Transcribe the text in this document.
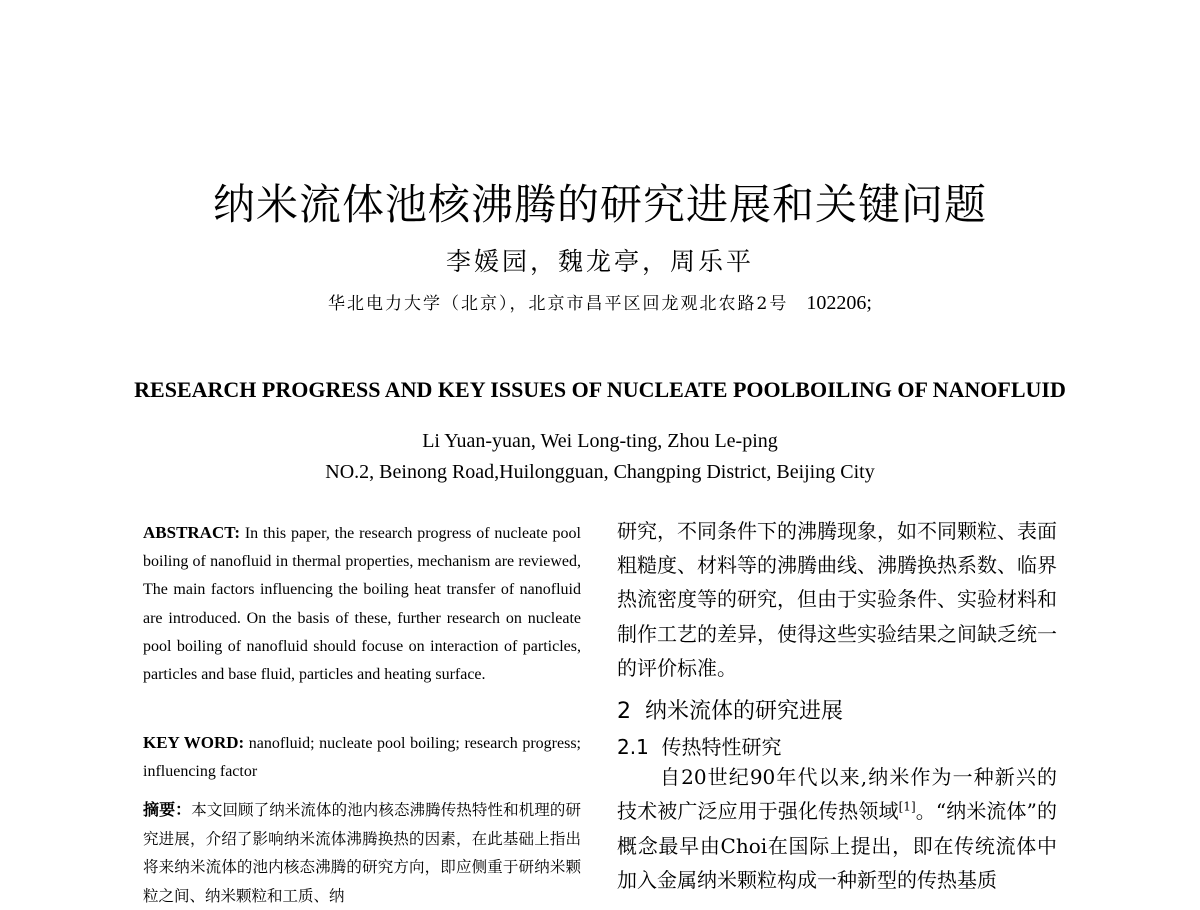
纳米流体池核沸腾的研究进展和关键问题
李媛园，魏龙亭，周乐平
华北电力大学（北京），北京市昌平区回龙观北农路2号 102206;
RESEARCH PROGRESS AND KEY ISSUES OF NUCLEATE POOLBOILING OF NANOFLUID
Li Yuan-yuan, Wei Long-ting, Zhou Le-ping
NO.2, Beinong Road,Huilongguan, Changping District, Beijing City
ABSTRACT: In this paper, the research progress of nucleate pool boiling of nanofluid in thermal properties, mechanism are reviewed, The main factors influencing the boiling heat transfer of nanofluid are introduced. On the basis of these, further research on nucleate pool boiling of nanofluid should focuse on interaction of particles, particles and base fluid, particles and heating surface.
KEY WORD: nanofluid; nucleate pool boiling; research progress; influencing factor
摘要：本文回顾了纳米流体的池内核态沸腾传热特性和机理的研究进展，介绍了影响纳米流体沸腾换热的因素，在此基础上指出将来纳米流体的池内核态沸腾的研究方向，即应侧重于研纳米颗粒之间、纳米颗粒和工质、纳
研究，不同条件下的沸腾现象，如不同颗粒、表面粗糙度、材料等的沸腾曲线、沸腾换热系数、临界热流密度等的研究，但由于实验条件、实验材料和制作工艺的差异，使得这些实验结果之间缺乏统一的评价标准。
2  纳米流体的研究进展
2.1  传热特性研究
自20世纪90年代以来,纳米作为一种新兴的技术被广泛应用于强化传热领域[1]。“纳米流体”的概念最早由Choi在国际上提出，即在传统流体中加入金属纳米颗粒构成一种新型的传热基质
